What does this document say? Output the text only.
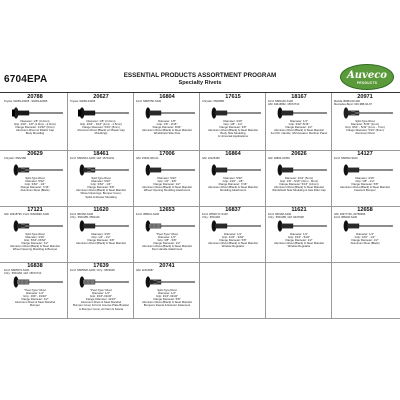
6704EPA	ESSENTIAL PRODUCTS ASSORTMENT PROGRAM
Specialty Rivets
Auveco
PRODUCTS
20788
Toyota: 90269-04005 ; 90269-40005
Diameter: 1/8" (3.2mm)
Grip .040" - 1/8" (1.0mm - 3.0mm)
Flange Diameter: 13/32" (6mm)
Aluminum Rivet w/ Plastic Cap
Body Moulding
20627
Toyota: 90269-04005
Diameter: 1/8" (3.2mm)
Grip .3/64" - 3/16" (1mm - 4.5mm)
Flange Diameter: 5/16" (8mm)
Aluminum Rivet (Black) w/ Plastic Cap
Mouldings
16804
Ford: N805756-S100
Diameter: 1/8"
Grip: 1/8" - 3/16"
Flange Diameter: 9/32"
Aluminum Rivet (Black) & Steel Mandrel
Windshield Side Post
17615
Chrysler: 6502886
Diameter: 3/16"
Grip: 1/8" - 1/4"
Flange Diameter: 3/8"
Aluminum Rivet (Black) & Steel Mandrel
Body Side Moulding
& Universal Applications
18167
Ford: N801100-S100
GM: 94416862, 15672710
Diameter: 1/4"
Grip: 3/32"-5/16"
Flange Diameter: 1/2"
Aluminum Rivet (Black) & Steel Mandrel
Ford Dr. Handle, GM Actuator, Recliner Panel
20971
Mazda: B8M4-50-300
Mercedes-Benz: 000-988-94-97
Split-Type Rivet
Diameter: 5/32" (4mm)
Grip: 3/64" - 5/32" (1mm - 7mm)
Flange Diameter: 5/16" (8mm)
Aluminum Rivet
20629
Chrysler: 6502186
Split-Type Rivet
Diameter: 5/32"
Grip: 3/64" - 1/4"
Flange Diameter: 7/16"
Aluminum Rivet (Black)
18461
Ford: N802513-S100; GM: 15731011
Split-Type Rivet
Diameter: 5/32"
Grip: 3/64" - 1/4"
Flange Diameter: 5/8"
Aluminum Rivet (Black) & Steel Mandrel
Wheel Openings, Bumper Cover,
Splits & Rocker Moulding
17006
GM: 15630-000-01
Diameter: 5/32"
Grip: 1/4" - 3/8"
Flange Diameter: 1/2"
Aluminum Rivet (Black) & Steel Mandrel
Wheel Opening Moulding Attachment
16864
GM: 10125456
Diameter: 5/32"
Grip: 1/16" - 1/8"
Flange Diameter: 7/16"
Aluminum Rivet (Black) & Steel Mandrel
Moulding Attachment
20626
GM: 92894-01059
Diameter: 3/16" (5mm)
Grip: 1/8" - 5/16" (3mm - 8mm)
Flange Diameter: 5/16" (14mm)
Aluminum Rivet (Black) & Steel Mandrel
Windshield Side Moulding & Gas Filler Cap
14127
Ford: N80694-S100
Diameter: 3/16"
Grip: 1/8" - 1/4"
Flange Diameter: 5/8"
Aluminum Rivet (Black) & Steel Mandrel
Fascia & Bumper
17121
GM: 20618790; Ford: W600090-S100
Split-Type Rivet
Diameter: 3/16"
Grip: 5/64"-15/64"
Flange Diameter: 1/2"
Aluminum Rivet (Black) & Steel Mandrel
Wheel Opening Moulding & Bumper
11620
Ford: 383160-S100
Chry.: 6501185, 6501116
Diameter: 3/16"
Grip: 1/4" - 1/2"
Flange Diameter: 3/8"
Aluminum Rivet (Black) & Steel Mandrel
12653
Ford: 388041-S100
"Peel-Type" Rivet
Diameter: 1/4"
Grip: 3/8" - 5/8"
Flange Diameter: 1/2"
Aluminum Rivet (Black) & Steel Mandrel
Door Handle Attachment
16837
Ford: W500717-S100
Chry.: 6501184
Diameter: 1/4"
Grip: 1/32" - 3/64"
Flange Diameter: 5/8"
Aluminum Rivet (Black) & Steel Mandrel
Window Regulator
11621
Ford: 383160-S100
Chry.: 6501185, GM: 9437628
Diameter: 1/4"
Grip: 1/16" - 5/32"
Flange Diameter: 1/2"
Aluminum Rivet (Black) & Steel Mandrel
Window Regulator
12658
GM: 20377726, 20758396
Ford: 388230-S100
Diameter: 1/4"
Grip: 1/16" - 1/4"
Flange Diameter: 1/2"
Aluminum Rivet (Black)
16838
Ford: N805574-S100
Chry.: 6501184, GM: 15672710
"Peel-Type" Rivet
Diameter: 1/4"
Grip: .039" - 19/32"
Flange Diameter: 1/2"
Aluminum Rivet & Steel Mandrel
Bumper
17639
Ford: N805525-S100; Chry.: 6503625
"Peel-Type" Rivet
Diameter: 1/4"
Grip: 3/16"-19/32"
Flange Diameter: 11/16"
Aluminum Rivet & Steel Mandrel
Bumper Cover & Front License Plate Bracket
to Bumper Cover, Air Dam & Fascia
20741
GM: 11516687
Split-Type Rivet
Diameter: 1/4"
Grip: 3/16"-19/32"
Flange Diameter: 5/8"
Aluminum Rivet (Black) & Steel Mandrel
Bumpers Fascia & Exterior Fasteners
